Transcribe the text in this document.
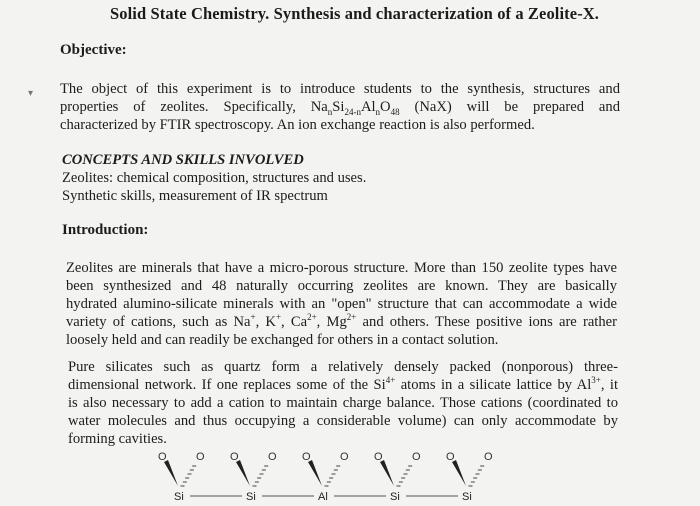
Solid State Chemistry. Synthesis and characterization of a Zeolite-X.
▾
Objective:
The object of this experiment is to introduce students to the synthesis, structures and
properties of zeolites. Specifically, $Na_nSi_{24-n}Al_nO_{48}$ (NaX) will be prepared and
characterized by FTIR spectroscopy. An ion exchange reaction is also performed.
CONCEPTS AND SKILLS INVOLVED
Zeolites: chemical composition, structures and uses.
Synthetic skills, measurement of IR spectrum
Introduction:
Zeolites are minerals that have a micro-porous structure. More than 150 zeolite types have
been synthesized and 48 naturally occurring zeolites are known. They are basically
hydrated alumino-silicate minerals with an "open" structure that can accommodate a wide
variety of cations, such as Na+, K+, $Ca^{2+}$, $Mg^{2+}$ and others. These positive ions are rather
loosely held and can readily be exchanged for others in a contact solution.
Pure silicates such as quartz form a relatively densely packed (nonporous) three-
dimensional network. If one replaces some of the $Si^{4+}$ atoms in a silicate lattice by $Al^{3+}$, it
is also necessary to add a cation to maintain charge balance. Those cations (coordinated to
water molecules and thus occupying a considerable volume) can only accommodate by
forming cavities.
O	O
Si
O	O
Si
O	O
Al
O	O
Si
O	O
Si
